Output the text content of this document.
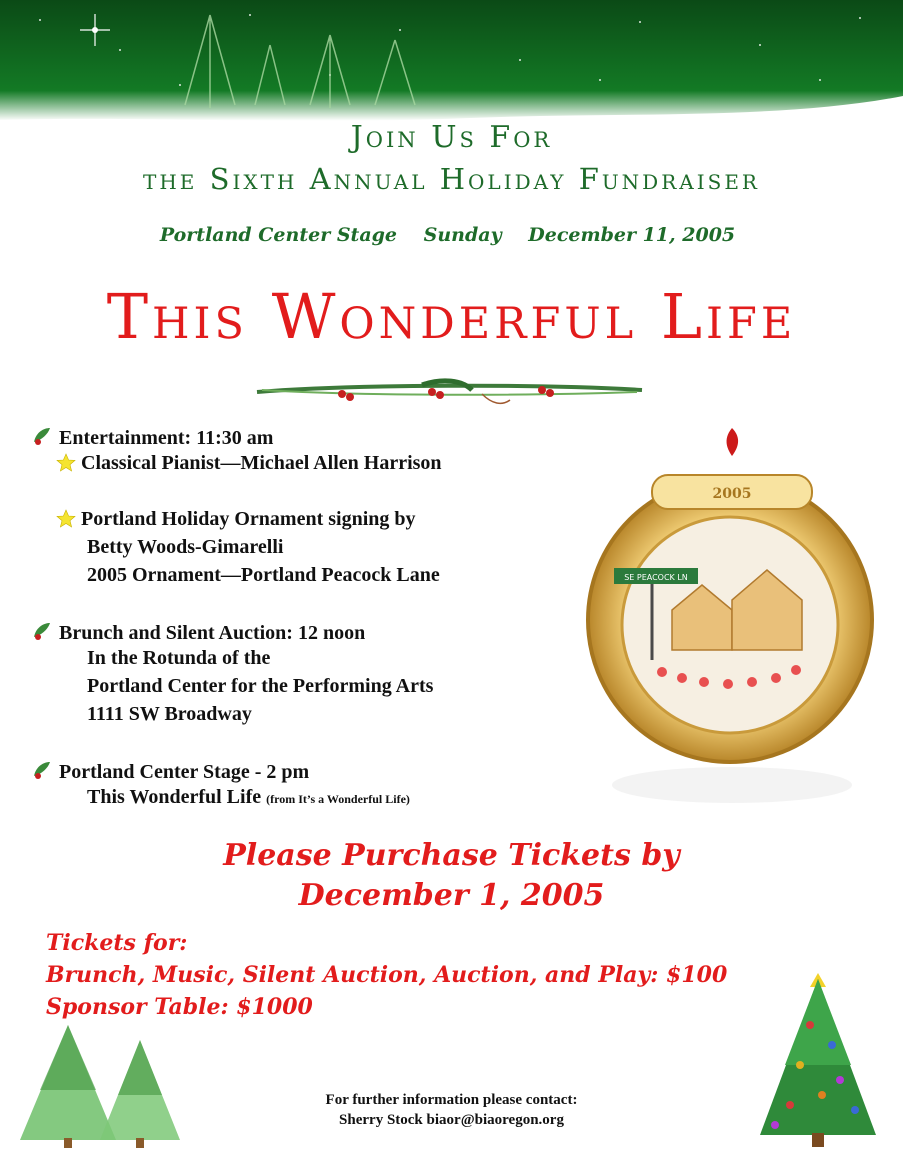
Join Us For
the Sixth Annual Holiday Fundraiser
Portland Center Stage Sunday December 11, 2005
This Wonderful Life
Entertainment: 11:30 am
Classical Pianist—Michael Allen Harrison
Portland Holiday Ornament signing by
Betty Woods-Gimarelli
2005 Ornament—Portland Peacock Lane
Brunch and Silent Auction: 12 noon
In the Rotunda of the
Portland Center for the Performing Arts
1111 SW Broadway
Portland Center Stage - 2 pm
This Wonderful Life (from It’s a Wonderful Life)
2005
SE PEACOCK LN
Please Purchase Tickets by
December 1, 2005
Tickets for:
Brunch, Music, Silent Auction, Auction, and Play: $100
Sponsor Table: $1000
For further information please contact:
Sherry Stock biaor@biaoregon.org
